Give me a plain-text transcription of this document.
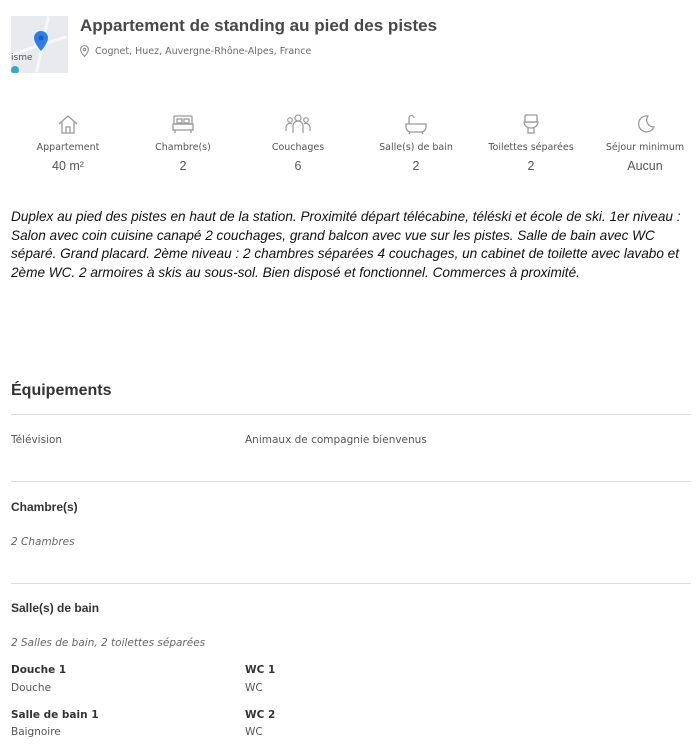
isme
Appartement de standing au pied des pistes
Cognet, Huez, Auvergne-Rhône-Alpes, France
Appartement
40 m²
Chambre(s)
2
Couchages
6
Salle(s) de bain
2
Toilettes séparées
2
Séjour minimum
Aucun

Duplex au pied des pistes en haut de la station. Proximité départ télécabine, téléski et école de ski. 1er niveau : Salon avec coin cuisine canapé 2 couchages, grand balcon avec vue sur les pistes. Salle de bain avec WC séparé. Grand placard. 2ème niveau : 2 chambres séparées 4 couchages, un cabinet de toilette avec lavabo et 2ème WC. 2 armoires à skis au sous-sol. Bien disposé et fonctionnel. Commerces à proximité.

Équipements
Télévision	Animaux de compagnie bienvenus
Chambre(s)
2 Chambres
Salle(s) de bain
2 Salles de bain, 2 toilettes séparées
Douche 1
Douche
WC 1
WC
Salle de bain 1
Baignoire
WC 2
WC
